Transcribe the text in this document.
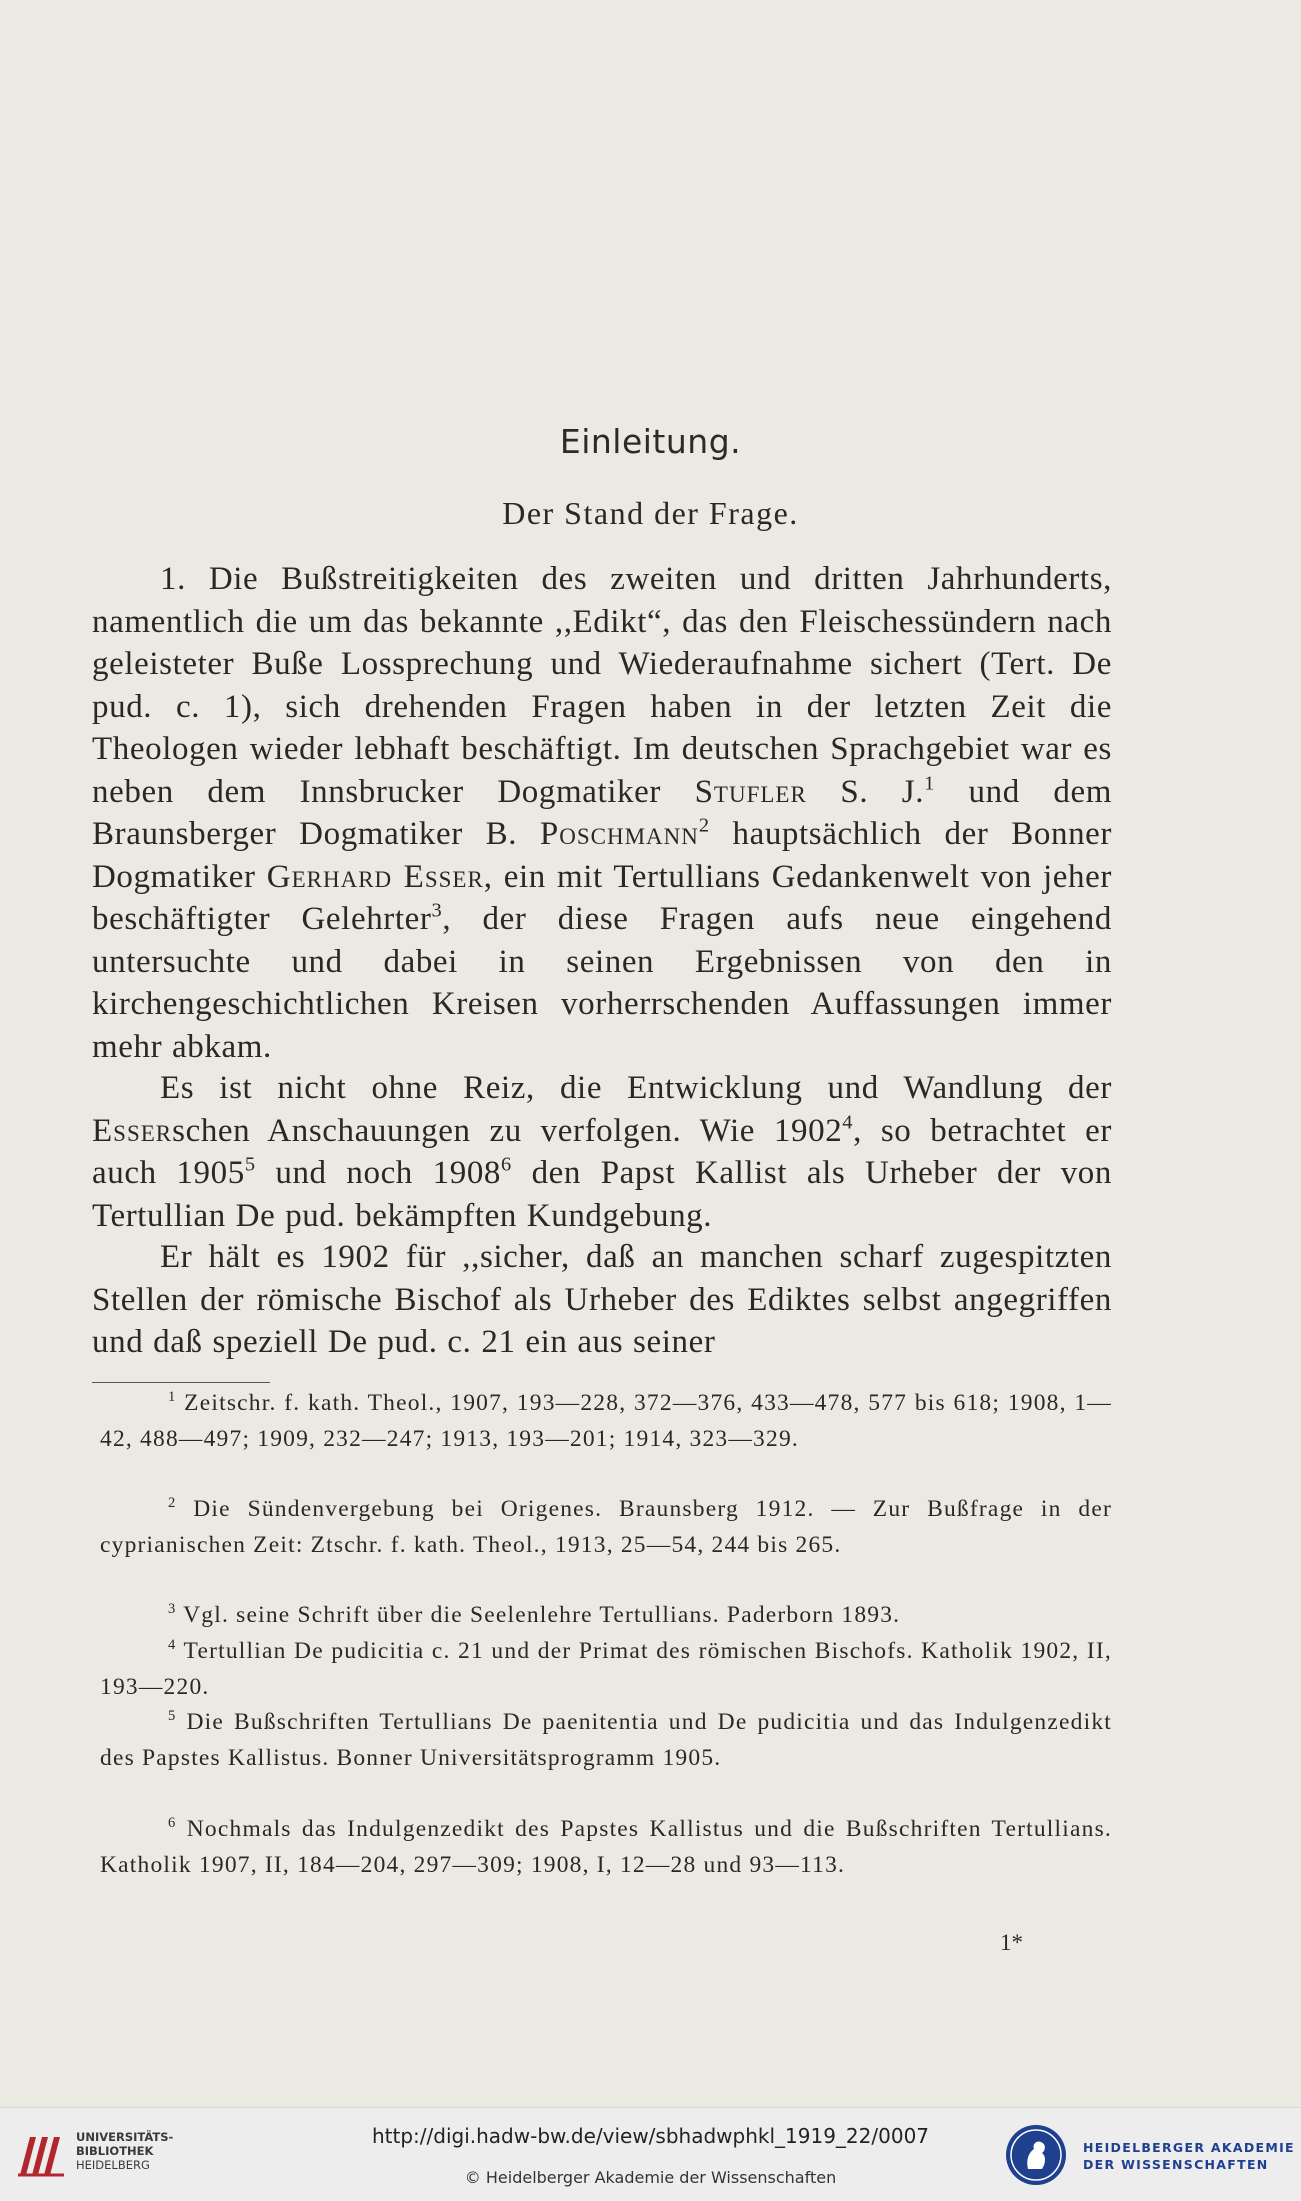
Einleitung.
Der Stand der Frage.

1. Die Bußstreitigkeiten des zweiten und dritten Jahrhunderts, namentlich die um das bekannte ,,Edikt“, das den Fleischessündern nach geleisteter Buße Lossprechung und Wiederaufnahme sichert (Tert. De pud. c. 1), sich drehenden Fragen haben in der letzten Zeit die Theologen wieder lebhaft beschäftigt. Im deutschen Sprachgebiet war es neben dem Innsbrucker Dogmatiker Stufler S. J.$^1$ und dem Braunsberger Dogmatiker B. Poschmann$^2$ hauptsächlich der Bonner Dogmatiker Gerhard Esser, ein mit Tertullians Gedankenwelt von jeher beschäftigter Gelehrter$^3$, der diese Fragen aufs neue eingehend untersuchte und dabei in seinen Ergebnissen von den in kirchengeschichtlichen Kreisen vorherrschenden Auffassungen immer mehr abkam.

Es ist nicht ohne Reiz, die Entwicklung und Wandlung der Esserschen Anschauungen zu verfolgen. Wie 1902$^4$, so betrachtet er auch 1905$^5$ und noch 1908$^6$ den Papst Kallist als Urheber der von Tertullian De pud. bekämpften Kundgebung.

Er hält es 1902 für ,,sicher, daß an manchen scharf zugespitzten Stellen der römische Bischof als Urheber des Ediktes selbst angegriffen und daß speziell De pud. c. 21 ein aus seiner

$^1$ Zeitschr. f. kath. Theol., 1907, 193—228, 372—376, 433—478, 577 bis 618; 1908, 1—42, 488—497; 1909, 232—247; 1913, 193—201; 1914, 323—329.

$^2$ Die Sündenvergebung bei Origenes. Braunsberg 1912. — Zur Bußfrage in der cyprianischen Zeit: Ztschr. f. kath. Theol., 1913, 25—54, 244 bis 265.

$^3$ Vgl. seine Schrift über die Seelenlehre Tertullians. Paderborn 1893.

$^4$ Tertullian De pudicitia c. 21 und der Primat des römischen Bischofs. Katholik 1902, II, 193—220.

$^5$ Die Bußschriften Tertullians De paenitentia und De pudicitia und das Indulgenzedikt des Papstes Kallistus. Bonner Universitätsprogramm 1905.

$^6$ Nochmals das Indulgenzedikt des Papstes Kallistus und die Bußschriften Tertullians. Katholik 1907, II, 184—204, 297—309; 1908, I, 12—28 und 93—113.

1*
UNIVERSITÄTS-
BIBLIOTHEK
HEIDELBERG
http://digi.hadw-bw.de/view/sbhadwphkl_1919_22/0007
© Heidelberger Akademie der Wissenschaften
HEIDELBERGER AKADEMIE
DER WISSENSCHAFTEN
